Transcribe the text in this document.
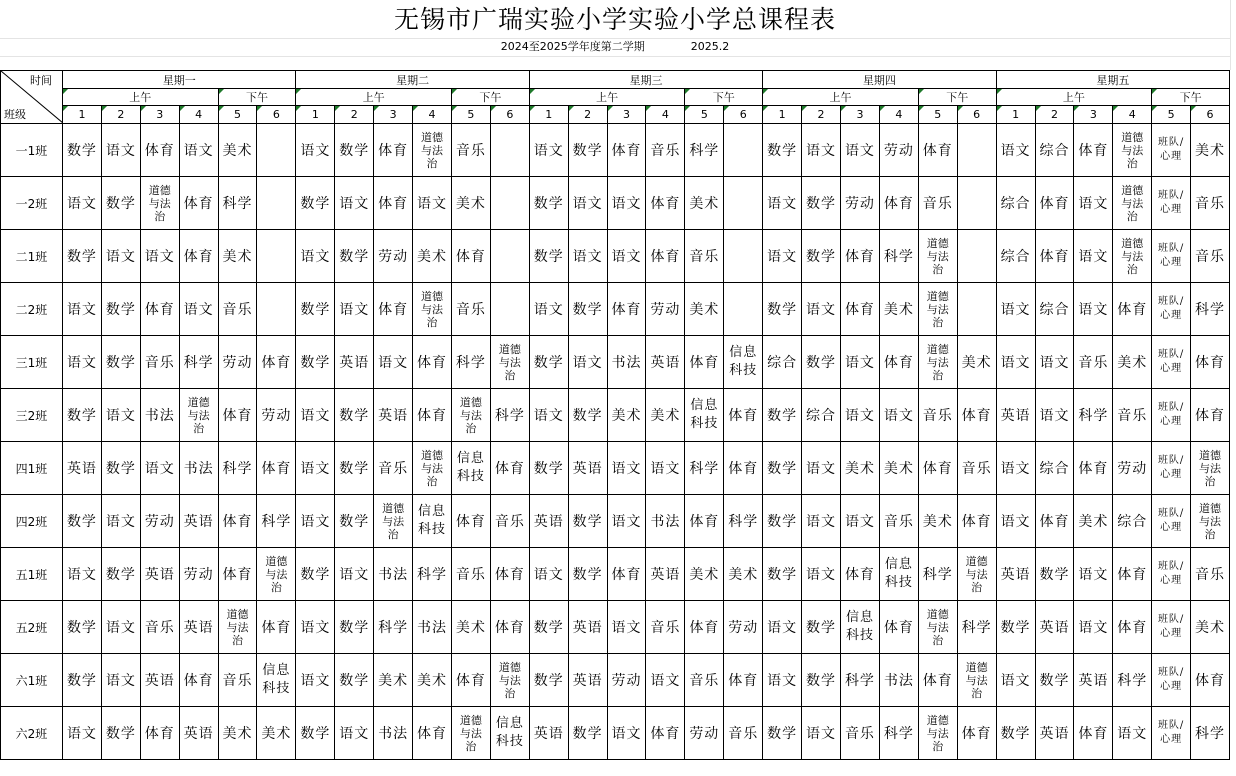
无锡市广瑞实验小学实验小学总课程表
2024至2025学年度第二学期	2025.2
时间
班级	星期一						星期二						星期三						星期四						星期五					
	上午				下午		上午				下午		上午				下午		上午				下午		上午				下午	
	1	2	3	4	5	6	1	2	3	4	5	6	1	2	3	4	5	6	1	2	3	4	5	6	1	2	3	4	5	6
一1班	数学	语文	体育	语文	美术		语文	数学	体育	道德
与法
治	音乐		语文	数学	体育	音乐	科学		数学	语文	语文	劳动	体育		语文	综合	体育	道德
与法
治	班队/
心理	美术
一2班	语文	数学	道德
与法
治	体育	科学		数学	语文	体育	语文	美术		数学	语文	语文	体育	美术		语文	数学	劳动	体育	音乐		综合	体育	语文	道德
与法
治	班队/
心理	音乐
二1班	数学	语文	语文	体育	美术		语文	数学	劳动	美术	体育		数学	语文	语文	体育	音乐		语文	数学	体育	科学	道德
与法
治		综合	体育	语文	道德
与法
治	班队/
心理	音乐
二2班	语文	数学	体育	语文	音乐		数学	语文	体育	道德
与法
治	音乐		语文	数学	体育	劳动	美术		数学	语文	体育	美术	道德
与法
治		语文	综合	语文	体育	班队/
心理	科学
三1班	语文	数学	音乐	科学	劳动	体育	数学	英语	语文	体育	科学	道德
与法
治	数学	语文	书法	英语	体育	信息
科技	综合	数学	语文	体育	道德
与法
治	美术	语文	语文	音乐	美术	班队/
心理	体育
三2班	数学	语文	书法	道德
与法
治	体育	劳动	语文	数学	英语	体育	道德
与法
治	科学	语文	数学	美术	美术	信息
科技	体育	数学	综合	语文	语文	音乐	体育	英语	语文	科学	音乐	班队/
心理	体育
四1班	英语	数学	语文	书法	科学	体育	语文	数学	音乐	道德
与法
治	信息
科技	体育	数学	英语	语文	语文	科学	体育	数学	语文	美术	美术	体育	音乐	语文	综合	体育	劳动	班队/
心理	道德
与法
治

四2班	数学	语文	劳动	英语	体育	科学	语文	数学	道德
与法
治	信息
科技	体育	音乐	英语	数学	语文	书法	体育	科学	数学	语文	语文	音乐	美术	体育	语文	体育	美术	综合	班队/
心理	道德
与法
治

五1班	语文	数学	英语	劳动	体育	道德
与法
治	数学	语文	书法	科学	音乐	体育	语文	数学	体育	英语	美术	美术	数学	语文	体育	信息
科技	科学	道德
与法
治	英语	数学	语文	体育	班队/
心理	音乐
五2班	数学	语文	音乐	英语	道德
与法
治	体育	语文	数学	科学	书法	美术	体育	数学	英语	语文	音乐	体育	劳动	语文	数学	信息
科技	体育	道德
与法
治	科学	数学	英语	语文	体育	班队/
心理	美术
六1班	数学	语文	英语	体育	音乐	信息
科技	语文	数学	美术	美术	体育	道德
与法
治	数学	英语	劳动	语文	音乐	体育	语文	数学	科学	书法	体育	道德
与法
治	语文	数学	英语	科学	班队/
心理	体育
六2班	语文	数学	体育	英语	美术	美术	数学	语文	书法	体育	道德
与法
治	信息
科技	英语	数学	语文	体育	劳动	音乐	数学	语文	音乐	科学	道德
与法
治	体育	数学	英语	体育	语文	班队/
心理	科学
